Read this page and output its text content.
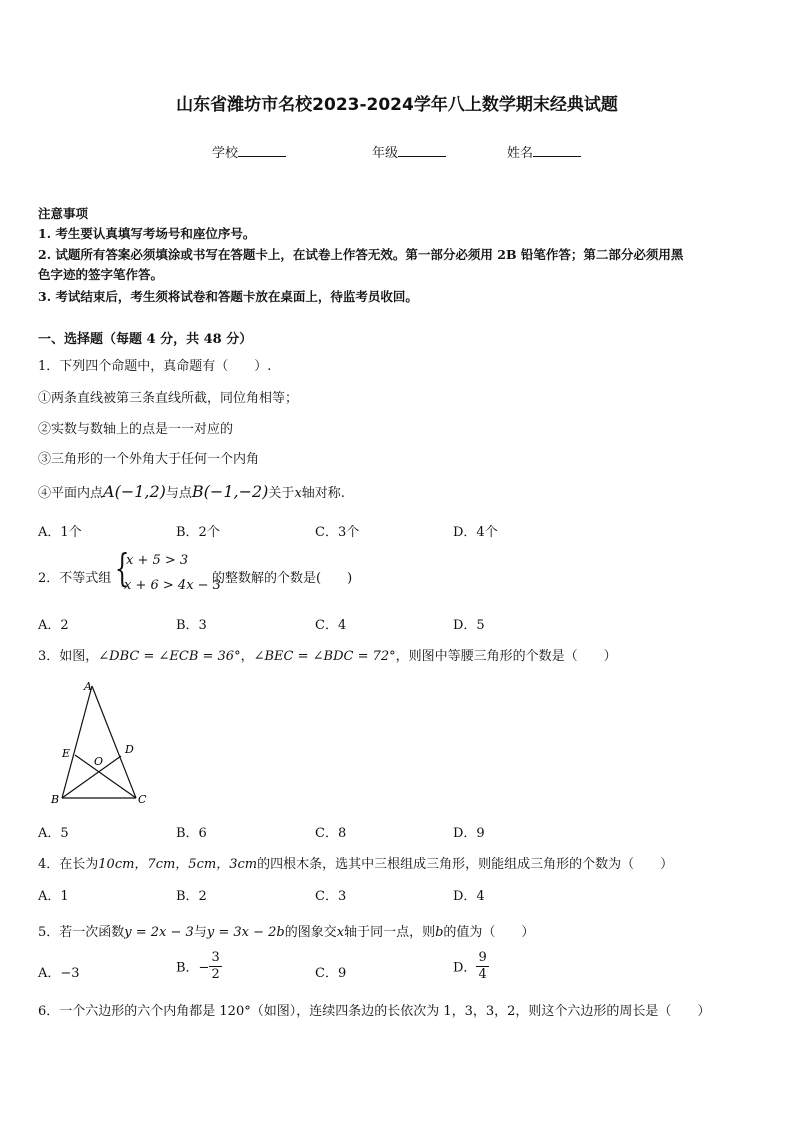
山东省潍坊市名校2023-2024学年八上数学期末经典试题
学校	年级	姓名
注意事项
1. 考生要认真填写考场号和座位序号。
2. 试题所有答案必须填涂或书写在答题卡上，在试卷上作答无效。第一部分必须用 2B 铅笔作答；第二部分必须用黑
色字迹的签字笔作答。
3. 考试结束后，考生须将试卷和答题卡放在桌面上，待监考员收回。
一、选择题（每题 4 分，共 48 分）
1．下列四个命题中，真命题有（　　）.
①两条直线被第三条直线所截，同位角相等；
②实数与数轴上的点是一一对应的
③三角形的一个外角大于任何一个内角
④平面内点A(−1,2)与点B(−1,−2)关于x轴对称.
A．1个	B．2个	C．3个	D．4个
2．不等式组 {
x + 5 > 3
x + 6 > 4x − 3
的整数解的个数是(　　)
A．2	B．3	C．4	D．5
3．如图，∠DBC = ∠ECB = 36°，∠BEC = ∠BDC = 72°，则图中等腰三角形的个数是（　　）
A
B	C
D
E
O
A．5	B．6	C．8	D．9
4．在长为10cm，7cm，5cm，3cm的四根木条，选其中三根组成三角形，则能组成三角形的个数为（　　）
A．1	B．2	C．3	D．4
5．若一次函数y = 2x − 3与y = 3x − 2b的图象交x轴于同一点，则b的值为（　　）
A．−3	B．− $\frac{3}{2}$	C．9	D． $\frac{9}{4}$
6．一个六边形的六个内角都是 120°（如图），连续四条边的长依次为 1，3，3，2，则这个六边形的周长是（　　）
